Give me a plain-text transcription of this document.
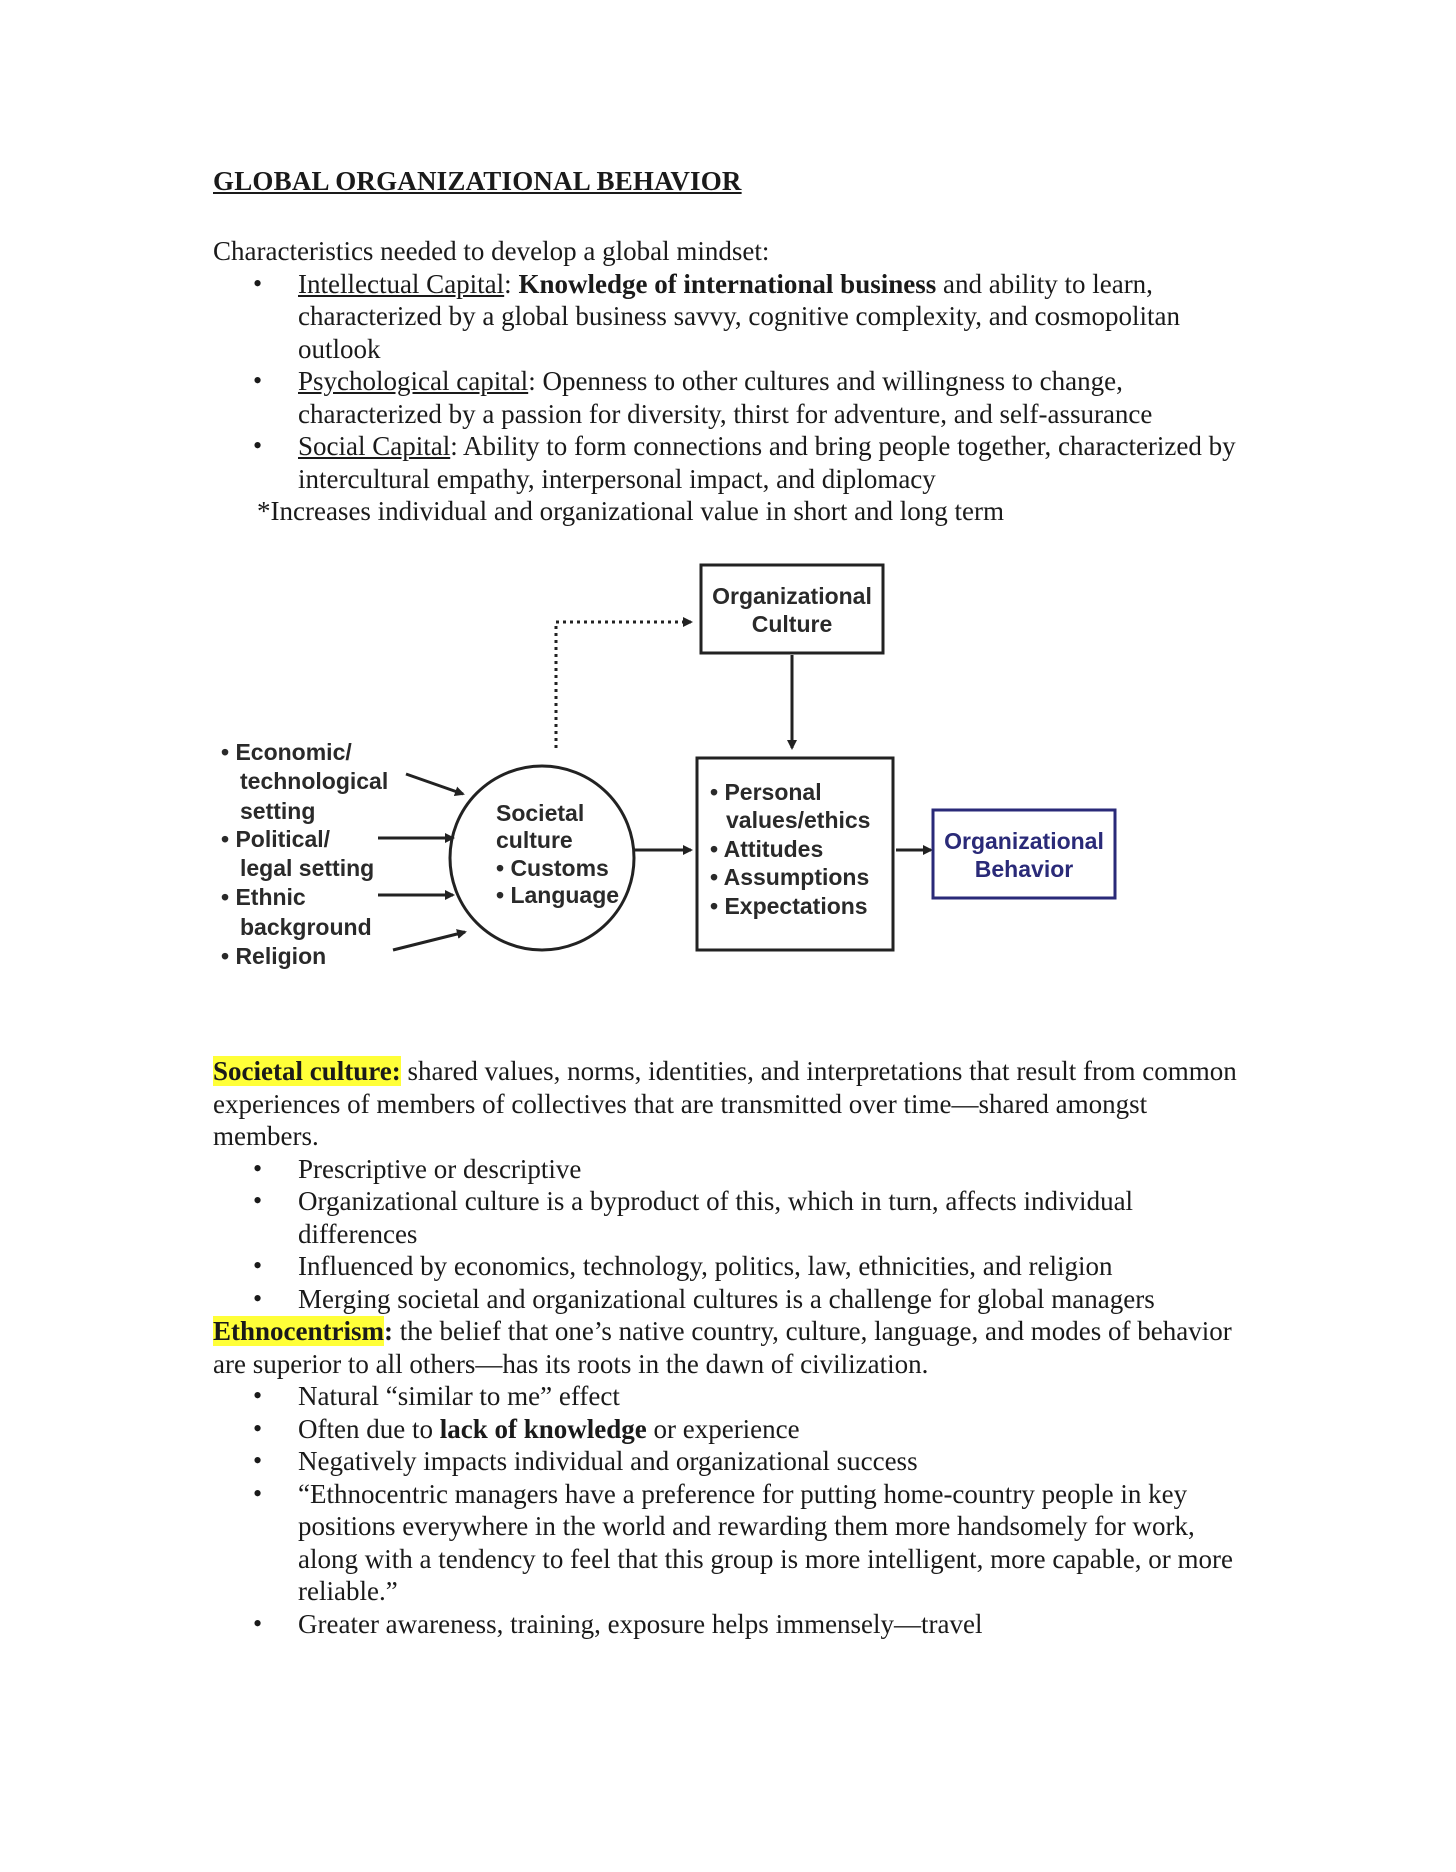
GLOBAL ORGANIZATIONAL BEHAVIOR

Characteristics needed to develop a global mindset:

• Intellectual Capital: Knowledge of international business and ability to learn, characterized by a global business savvy, cognitive complexity, and cosmopolitan outlook
• Psychological capital: Openness to other cultures and willingness to change, characterized by a passion for diversity, thirst for adventure, and self-assurance
• Social Capital: Ability to form connections and bring people together, characterized by intercultural empathy, interpersonal impact, and diplomacy

*Increases individual and organizational value in short and long term

• Economic/
technological
setting
• Political/
legal setting
• Ethnic
background
• Religion
Societal
culture
• Customs
• Language
Organizational
Culture
• Personal
values/ethics
• Attitudes
• Assumptions
• Expectations
Organizational
Behavior

Societal culture: shared values, norms, identities, and interpretations that result from common experiences of members of collectives that are transmitted over time—shared amongst members.

• Prescriptive or descriptive
• Organizational culture is a byproduct of this, which in turn, affects individual differences
• Influenced by economics, technology, politics, law, ethnicities, and religion
• Merging societal and organizational cultures is a challenge for global managers

Ethnocentrism: the belief that one’s native country, culture, language, and modes of behavior are superior to all others—has its roots in the dawn of civilization.

• Natural “similar to me” effect
• Often due to lack of knowledge or experience
• Negatively impacts individual and organizational success
• “Ethnocentric managers have a preference for putting home-country people in key positions everywhere in the world and rewarding them more handsomely for work, along with a tendency to feel that this group is more intelligent, more capable, or more reliable.”
• Greater awareness, training, exposure helps immensely—travel
